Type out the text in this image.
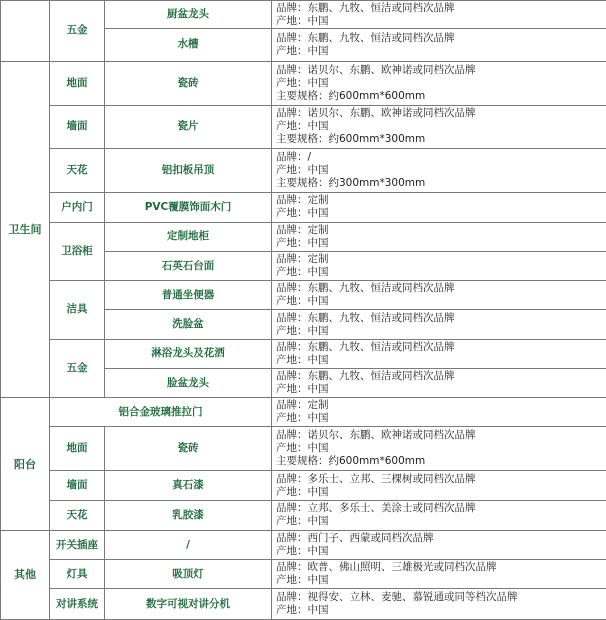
	五金	厨盆龙头	品牌：东鹏、九牧、恒洁或同档次品牌
产地：中国

		水槽	品牌：东鹏、九牧、恒洁或同档次品牌
产地：中国

卫生间	地面	瓷砖	品牌：诺贝尔、东鹏、欧神诺或同档次品牌
产地：中国
主要规格：约600mm*600mm

	墙面	瓷片	品牌：诺贝尔、东鹏、欧神诺或同档次品牌
产地：中国
主要规格：约600mm*300mm

	天花	铝扣板吊顶	品牌：/
产地：中国
主要规格：约300mm*300mm

	户内门	PVC覆膜饰面木门	品牌：定制
产地：中国

	卫浴柜	定制地柜	品牌：定制
产地：中国

		石英石台面	品牌：定制
产地：中国

	洁具	普通坐便器	品牌：东鹏、九牧、恒洁或同档次品牌
产地：中国

		洗脸盆	品牌：东鹏、九牧、恒洁或同档次品牌
产地：中国

	五金	淋浴龙头及花洒	品牌：东鹏、九牧、恒洁或同档次品牌
产地：中国

		脸盆龙头	品牌：东鹏、九牧、恒洁或同档次品牌
产地：中国

阳台	铝合金玻璃推拉门		品牌：定制
产地：中国

	地面	瓷砖	品牌：诺贝尔、东鹏、欧神诺或同档次品牌
产地：中国
主要规格：约600mm*600mm

	墙面	真石漆	品牌：多乐士、立邦、三棵树或同档次品牌
产地：中国

	天花	乳胶漆	品牌：立邦、多乐士、美涂士或同档次品牌
产地：中国

其他	开关插座	/	品牌：西门子、西蒙或同档次品牌
产地：中国

	灯具	吸顶灯	品牌：欧普、佛山照明、三雄极光或同档次品牌
产地：中国

	对讲系统	数字可视对讲分机	品牌：视得安、立林、麦驰、慕锐通或同等档次品牌
产地：中国
